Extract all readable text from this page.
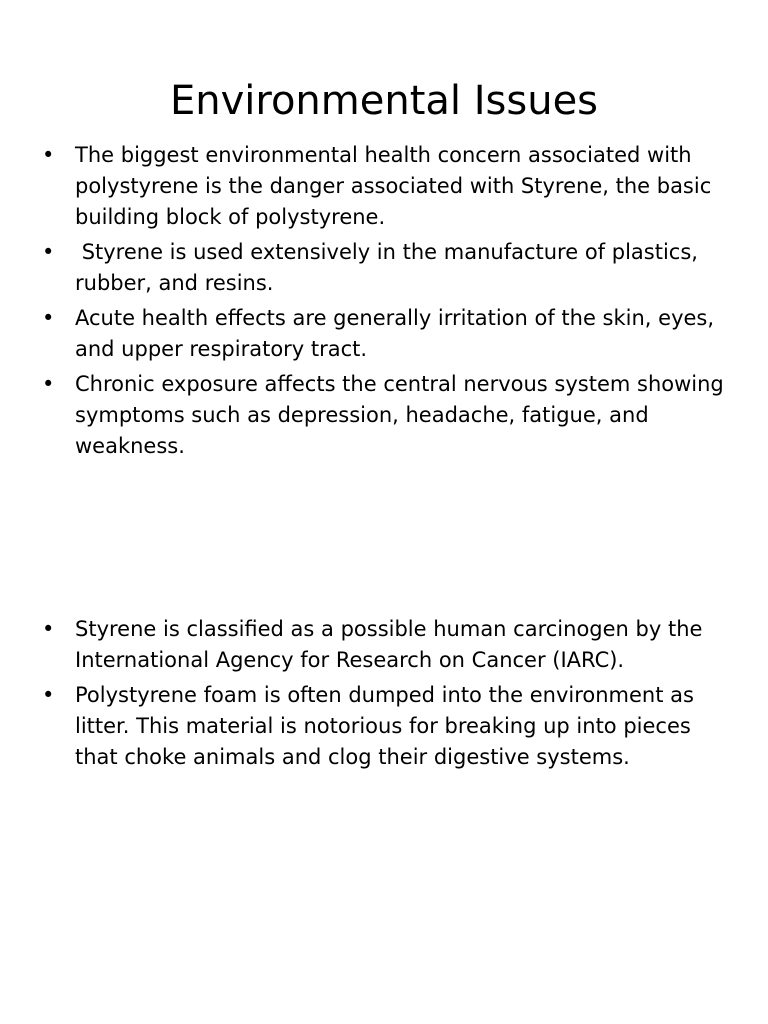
Environmental Issues
• The biggest environmental health concern associated with polystyrene is the danger associated with Styrene, the basic building block of polystyrene.
• Styrene is used extensively in the manufacture of plastics, rubber, and resins.
• Acute health effects are generally irritation of the skin, eyes, and upper respiratory tract.
• Chronic exposure affects the central nervous system showing symptoms such as depression, headache, fatigue, and weakness.
• Styrene is classified as a possible human carcinogen by the International Agency for Research on Cancer (IARC).
• Polystyrene foam is often dumped into the environment as litter. This material is notorious for breaking up into pieces that choke animals and clog their digestive systems.
